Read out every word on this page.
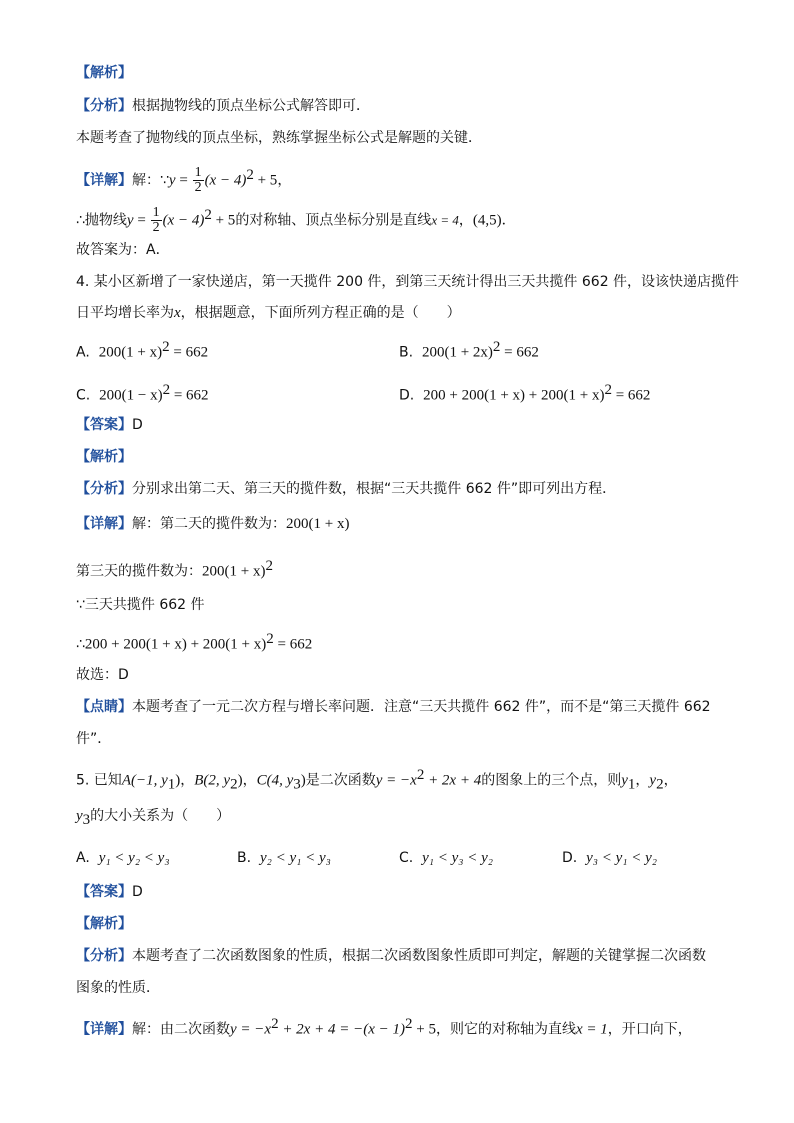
【解析】
【分析】根据抛物线的顶点坐标公式解答即可．
本题考查了抛物线的顶点坐标，熟练掌握坐标公式是解题的关键．
【详解】解：∵y = $\frac{1}{2} (x - 4)^2 + 5$，
∴抛物线$y = \frac{1}{2} (x - 4)^2 + 5$的对称轴、顶点坐标分别是直线x = 4，(4,5)．
故答案为：A．
4. 某小区新增了一家快递店，第一天揽件 200 件，到第三天统计得出三天共揽件 662 件，设该快递店揽件
日平均增长率为x，根据题意，下面所列方程正确的是（　　）
A. $200(1 + x)^2 = 662$	B. $200(1 + 2x)^2 = 662$
C. $200(1 - x)^2 = 662$	D. $200 + 200(1 + x) + 200(1 + x)^2 = 662$
【答案】D
【解析】
【分析】分别求出第二天、第三天的揽件数，根据“三天共揽件 662 件”即可列出方程．
【详解】解：第二天的揽件数为：200(1 + x)
第三天的揽件数为：$200(1 + x)^2$
∵三天共揽件 662 件
∴200 + $200(1 + x) + 200(1 + x)^2 = 662$
故选：D
【点睛】本题考查了一元二次方程与增长率问题．注意“三天共揽件 662 件”，而不是“第三天揽件 662
件”．
5. 已知A(−1, $y_1$)，B(2, $y_2$)，C(4, $y_3$)是二次函数$y = -x^2 + 2x + 4$的图象上的三个点，则$y_1$，$y_2$，
$y_3$的大小关系为（　　）
A. y₁ < y₂ < y₃	B. y₂ < y₁ < y₃	C. y₁ < y₃ < y₂	D. y₃ < y₁ < y₂
【答案】D
【解析】
【分析】本题考查了二次函数图象的性质，根据二次函数图象性质即可判定，解题的关键掌握二次函数
图象的性质．
【详解】解：由二次函数$y = -x^2 + 2x + 4 = -(x - 1)^2 + 5$，则它的对称轴为直线x = 1，开口向下，
